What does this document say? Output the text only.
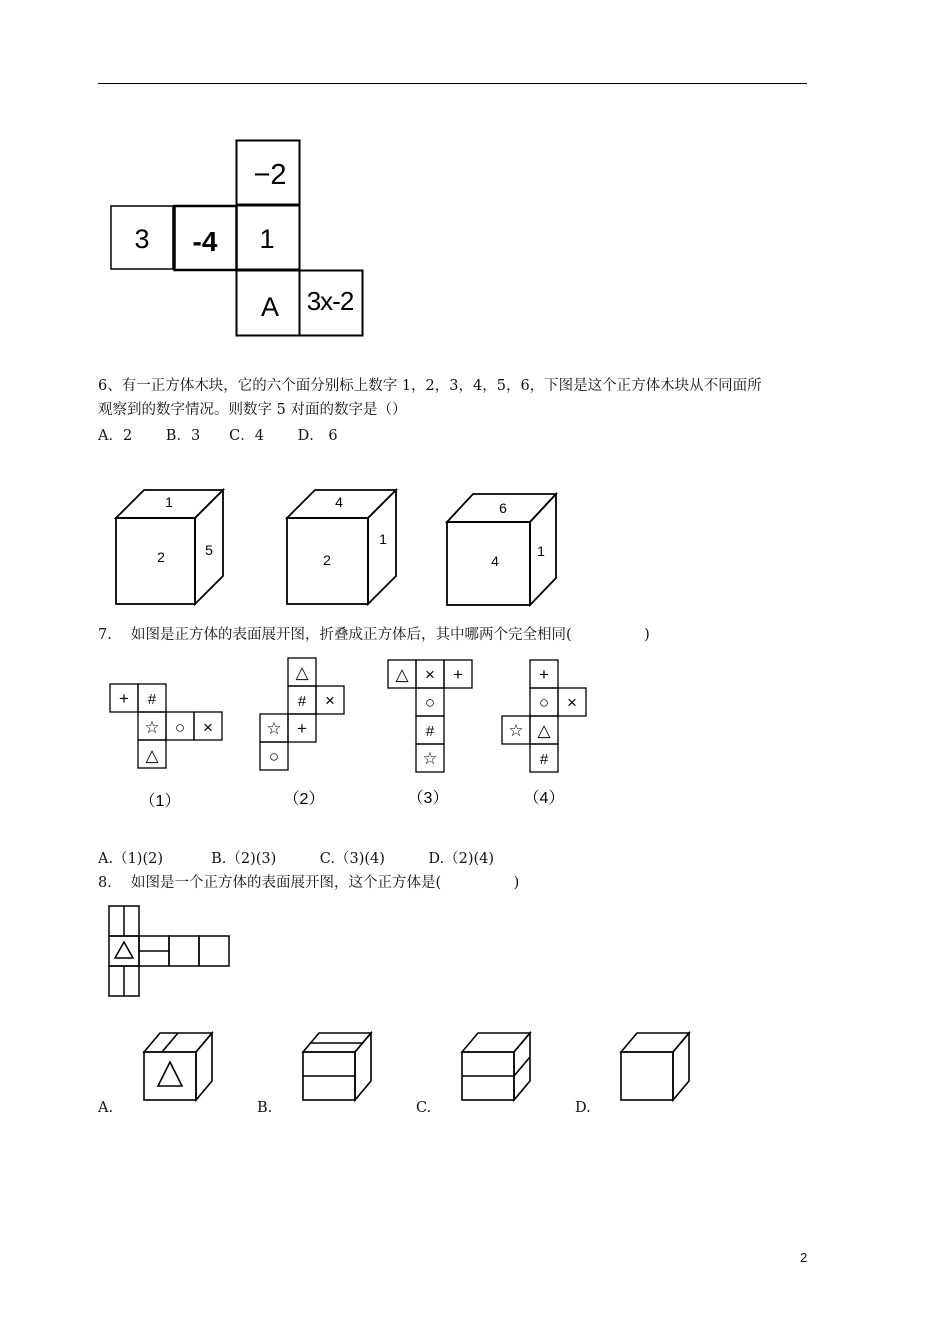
−2
3 -4 1
A 3x-2
6、有一正方体木块，它的六个面分别标上数字 1，2，3，4，5，6，下图是这个正方体木块从不同面所
观察到的数字情况。则数字 5 对面的数字是（）
A．2　　 B．3　　C．4　　 D． 6
1
2	5
4
2
1
6
4
1
7.　 如图是正方体的表面展开图，折叠成正方体后，其中哪两个完全相同(　　　　　)
+ #
☆ ○ ×
△
△
# ×
☆ +
○
△ × +
○
#
☆
+
○ ×
☆ △
#
（1）	（2）	（3）	（4）
A.（1)(2)　　　 B.（2)(3)　　　C.（3)(4)　　　D.（2)(4)
8.　 如图是一个正方体的表面展开图，这个正方体是(　　　　　)
A.	B.	C.	D.
2
